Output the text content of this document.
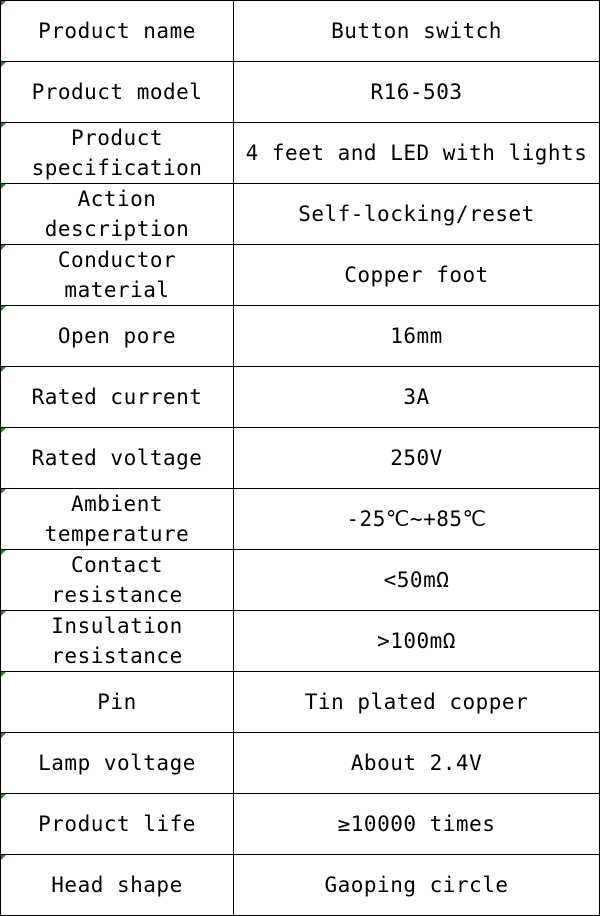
Product name	Button switch

Product model	R16-503

Product specification	4 feet and LED with lights

Action description	Self-locking/reset

Conductor material	Copper foot

Open pore	16mm

Rated current	3A

Rated voltage	250V

Ambient temperature	-25℃~+85℃

Contact resistance	<50mΩ

Insulation resistance	>100mΩ

Pin	Tin plated copper

Lamp voltage	About 2.4V

Product life	≥10000 times

Head shape	Gaoping circle
